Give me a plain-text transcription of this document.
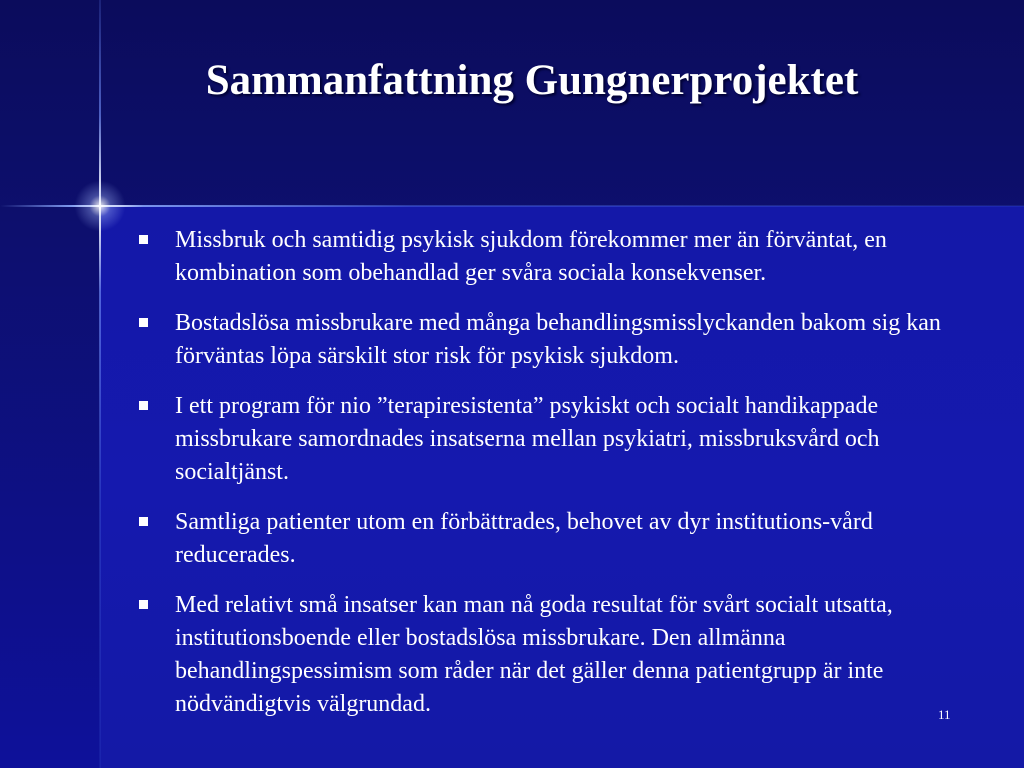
Sammanfattning Gungnerprojektet
Missbruk och samtidig psykisk sjukdom förekommer mer än förväntat, en kombination som obehandlad ger svåra sociala konsekvenser.
Bostadslösa missbrukare med många behandlingsmisslyckanden bakom sig kan förväntas löpa särskilt stor risk för psykisk sjukdom.
I ett program för nio ”terapiresistenta” psykiskt och socialt handikappade missbrukare samordnades insatserna mellan psykiatri, missbruksvård och socialtjänst.
Samtliga patienter utom en förbättrades, behovet av dyr institutions-vård reducerades.
Med relativt små insatser kan man nå goda resultat för svårt socialt utsatta, institutionsboende eller bostadslösa missbrukare. Den allmänna behandlingspessimism som råder när det gäller denna patientgrupp är inte nödvändigtvis välgrundad.	11
